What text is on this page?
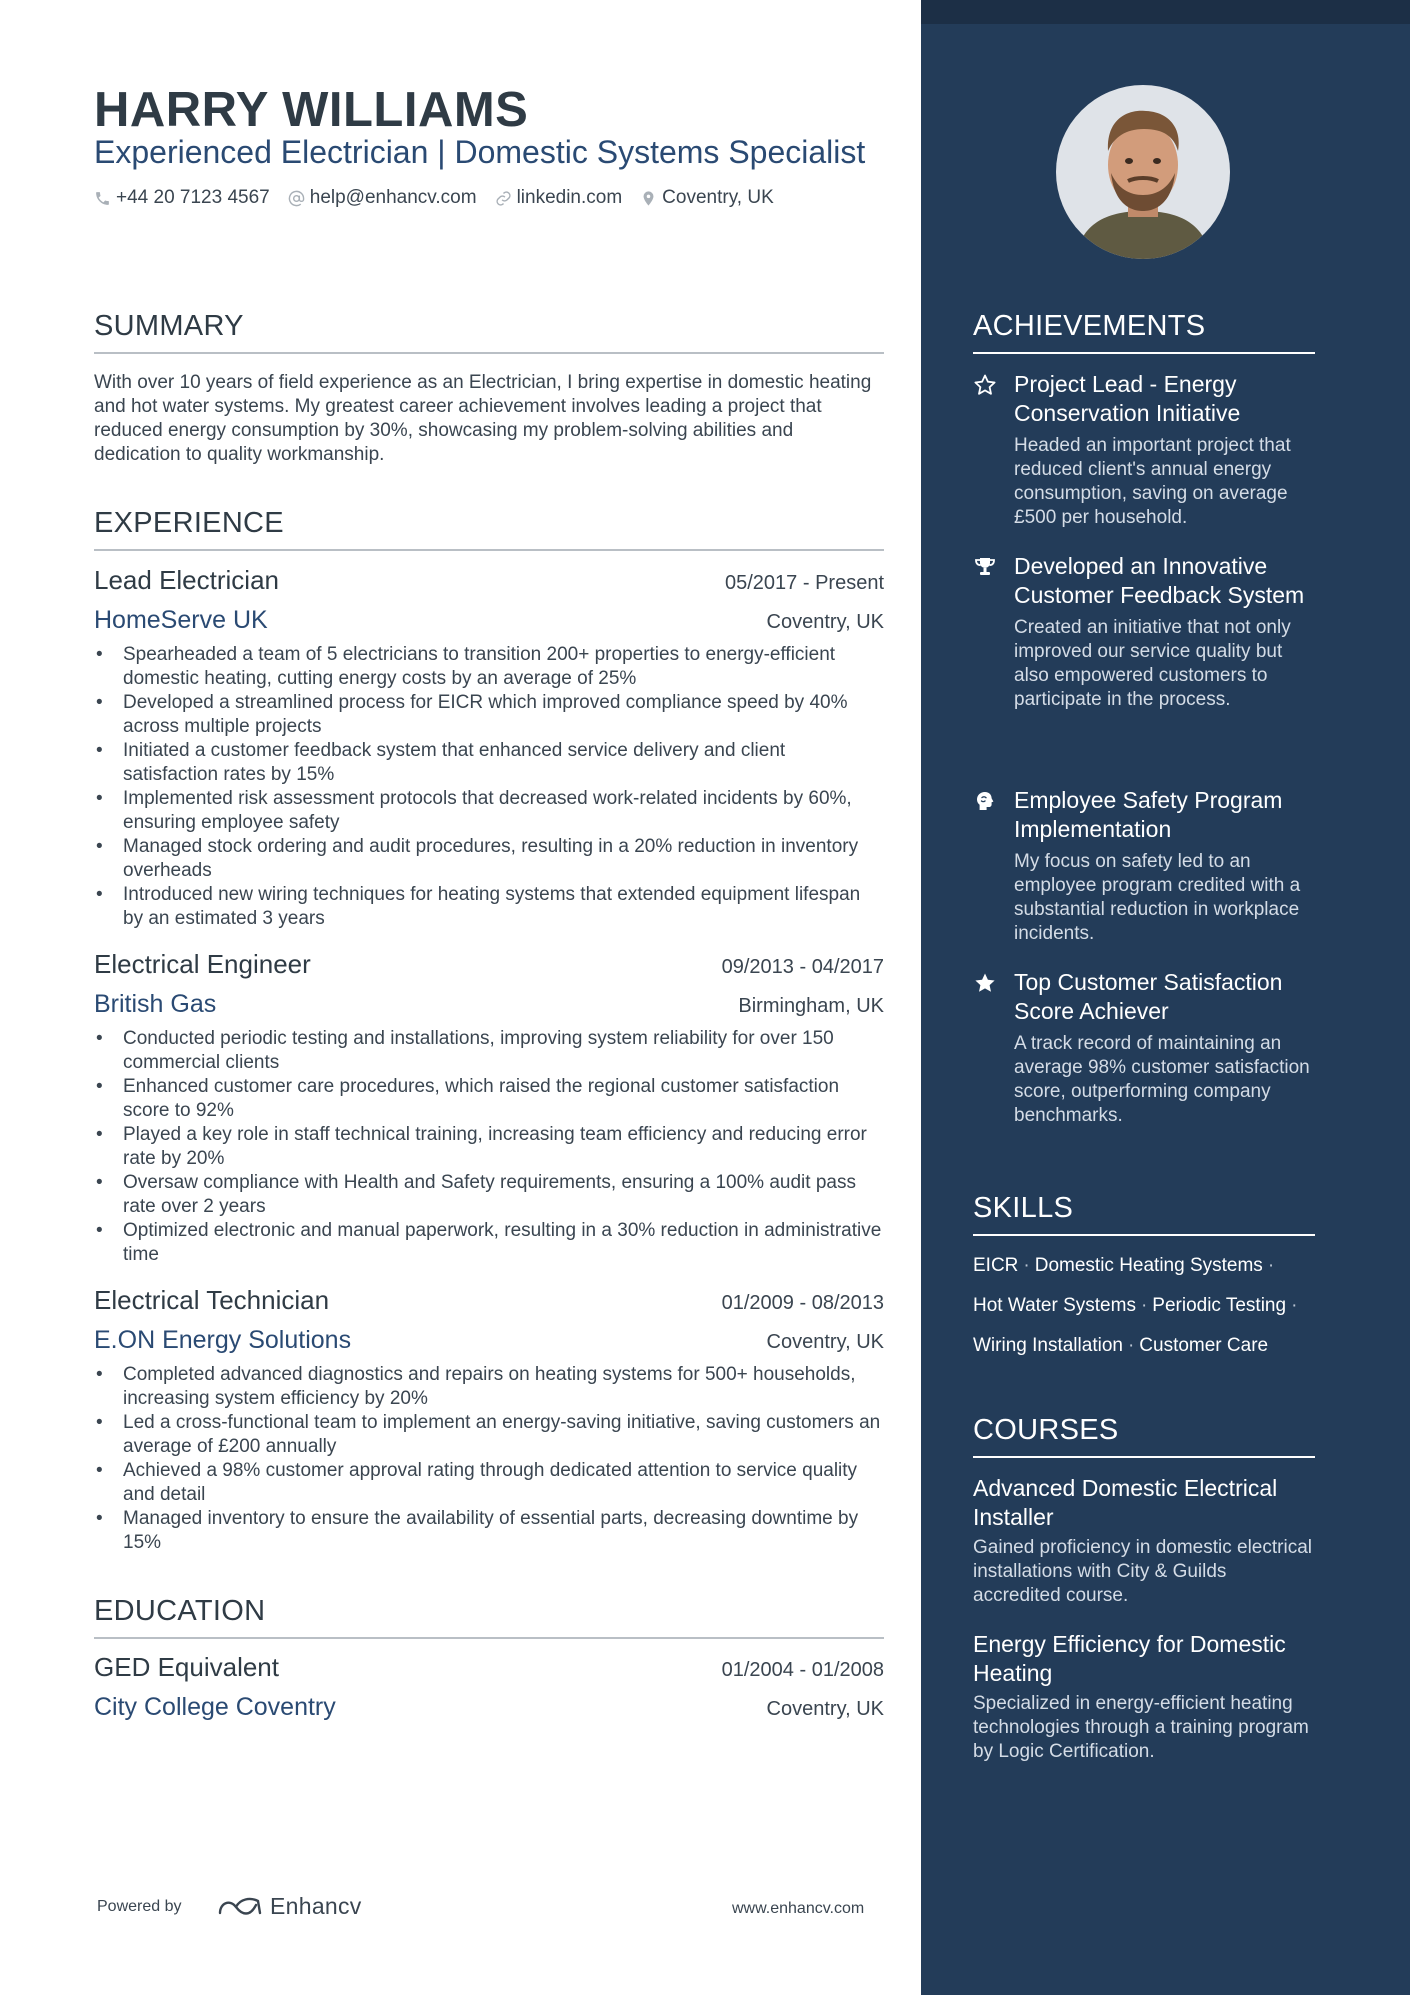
HARRY WILLIAMS
Experienced Electrician | Domestic Systems Specialist
+44 20 7123 4567 help@enhancv.com linkedin.com Coventry, UK
SUMMARY
With over 10 years of field experience as an Electrician, I bring expertise in domestic heating and hot water systems. My greatest career achievement involves leading a project that reduced energy consumption by 30%, showcasing my problem-solving abilities and dedication to quality workmanship.
EXPERIENCE
Lead Electrician	05/2017 - Present
HomeServe UK	Coventry, UK
• Spearheaded a team of 5 electricians to transition 200+ properties to energy-efficient domestic heating, cutting energy costs by an average of 25%
• Developed a streamlined process for EICR which improved compliance speed by 40% across multiple projects
• Initiated a customer feedback system that enhanced service delivery and client satisfaction rates by 15%
• Implemented risk assessment protocols that decreased work-related incidents by 60%, ensuring employee safety
• Managed stock ordering and audit procedures, resulting in a 20% reduction in inventory overheads
• Introduced new wiring techniques for heating systems that extended equipment lifespan by an estimated 3 years
Electrical Engineer	09/2013 - 04/2017
British Gas	Birmingham, UK
• Conducted periodic testing and installations, improving system reliability for over 150 commercial clients
• Enhanced customer care procedures, which raised the regional customer satisfaction score to 92%
• Played a key role in staff technical training, increasing team efficiency and reducing error rate by 20%
• Oversaw compliance with Health and Safety requirements, ensuring a 100% audit pass rate over 2 years
• Optimized electronic and manual paperwork, resulting in a 30% reduction in administrative time
Electrical Technician	01/2009 - 08/2013
E.ON Energy Solutions	Coventry, UK
• Completed advanced diagnostics and repairs on heating systems for 500+ households, increasing system efficiency by 20%
• Led a cross-functional team to implement an energy-saving initiative, saving customers an average of £200 annually
• Achieved a 98% customer approval rating through dedicated attention to service quality and detail
• Managed inventory to ensure the availability of essential parts, decreasing downtime by 15%
EDUCATION
GED Equivalent	01/2004 - 01/2008
City College Coventry	Coventry, UK
Powered by	Enhancv	www.enhancv.com
ACHIEVEMENTS
Project Lead - Energy Conservation Initiative
Headed an important project that reduced client's annual energy consumption, saving on average £500 per household.
Developed an Innovative Customer Feedback System
Created an initiative that not only improved our service quality but also empowered customers to participate in the process.
Employee Safety Program Implementation
My focus on safety led to an employee program credited with a substantial reduction in workplace incidents.
Top Customer Satisfaction Score Achiever
A track record of maintaining an average 98% customer satisfaction score, outperforming company benchmarks.
SKILLS
EICR · Domestic Heating Systems ·
Hot Water Systems · Periodic Testing ·
Wiring Installation · Customer Care
COURSES
Advanced Domestic Electrical Installer
Gained proficiency in domestic electrical installations with City & Guilds accredited course.
Energy Efficiency for Domestic Heating
Specialized in energy-efficient heating technologies through a training program by Logic Certification.
